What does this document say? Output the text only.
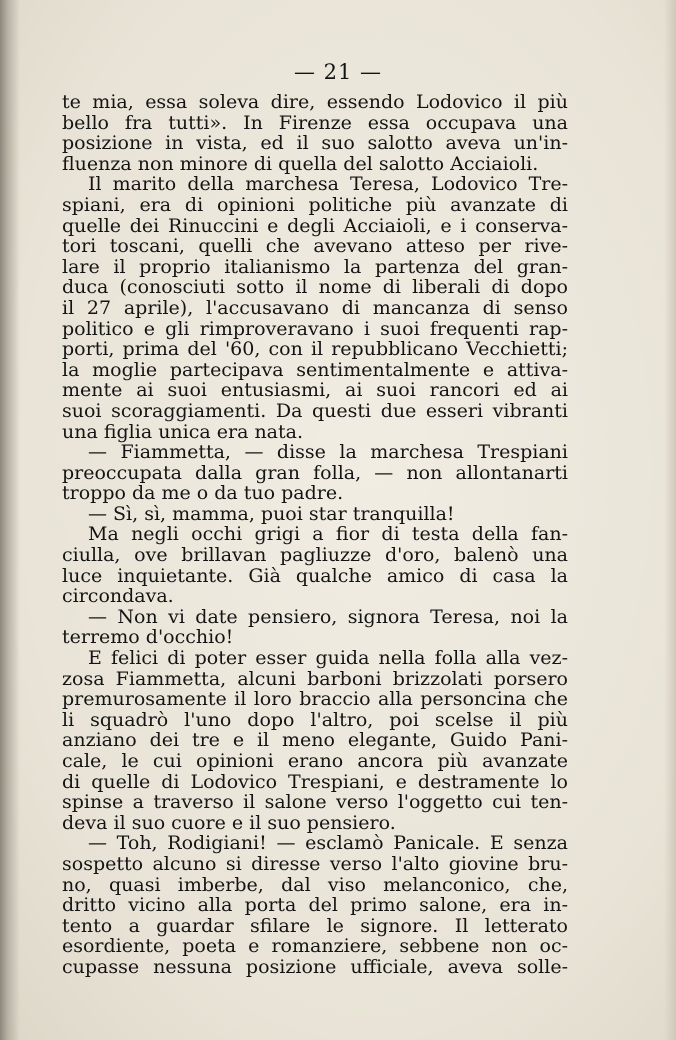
— 21 —
te mia, essa soleva dire, essendo Lodovico il più
bello fra tutti». In Firenze essa occupava una
posizione in vista, ed il suo salotto aveva un'in-
fluenza non minore di quella del salotto Acciaioli.
Il marito della marchesa Teresa, Lodovico Tre-
spiani, era di opinioni politiche più avanzate di
quelle dei Rinuccini e degli Acciaioli, e i conserva-
tori toscani, quelli che avevano atteso per rive-
lare il proprio italianismo la partenza del gran-
duca (conosciuti sotto il nome di liberali di dopo
il 27 aprile), l'accusavano di mancanza di senso
politico e gli rimproveravano i suoi frequenti rap-
porti, prima del '60, con il repubblicano Vecchietti;
la moglie partecipava sentimentalmente e attiva-
mente ai suoi entusiasmi, ai suoi rancori ed ai
suoi scoraggiamenti. Da questi due esseri vibranti
una figlia unica era nata.
— Fiammetta, — disse la marchesa Trespiani
preoccupata dalla gran folla, — non allontanarti
troppo da me o da tuo padre.
— Sì, sì, mamma, puoi star tranquilla!
Ma negli occhi grigi a fior di testa della fan-
ciulla, ove brillavan pagliuzze d'oro, balenò una
luce inquietante. Già qualche amico di casa la
circondava.
— Non vi date pensiero, signora Teresa, noi la
terremo d'occhio!
E felici di poter esser guida nella folla alla vez-
zosa Fiammetta, alcuni barboni brizzolati porsero
premurosamente il loro braccio alla personcina che
li squadrò l'uno dopo l'altro, poi scelse il più
anziano dei tre e il meno elegante, Guido Pani-
cale, le cui opinioni erano ancora più avanzate
di quelle di Lodovico Trespiani, e destramente lo
spinse a traverso il salone verso l'oggetto cui ten-
deva il suo cuore e il suo pensiero.
— Toh, Rodigiani! — esclamò Panicale. E senza
sospetto alcuno si diresse verso l'alto giovine bru-
no, quasi imberbe, dal viso melanconico, che,
dritto vicino alla porta del primo salone, era in-
tento a guardar sfilare le signore. Il letterato
esordiente, poeta e romanziere, sebbene non oc-
cupasse nessuna posizione ufficiale, aveva solle-
